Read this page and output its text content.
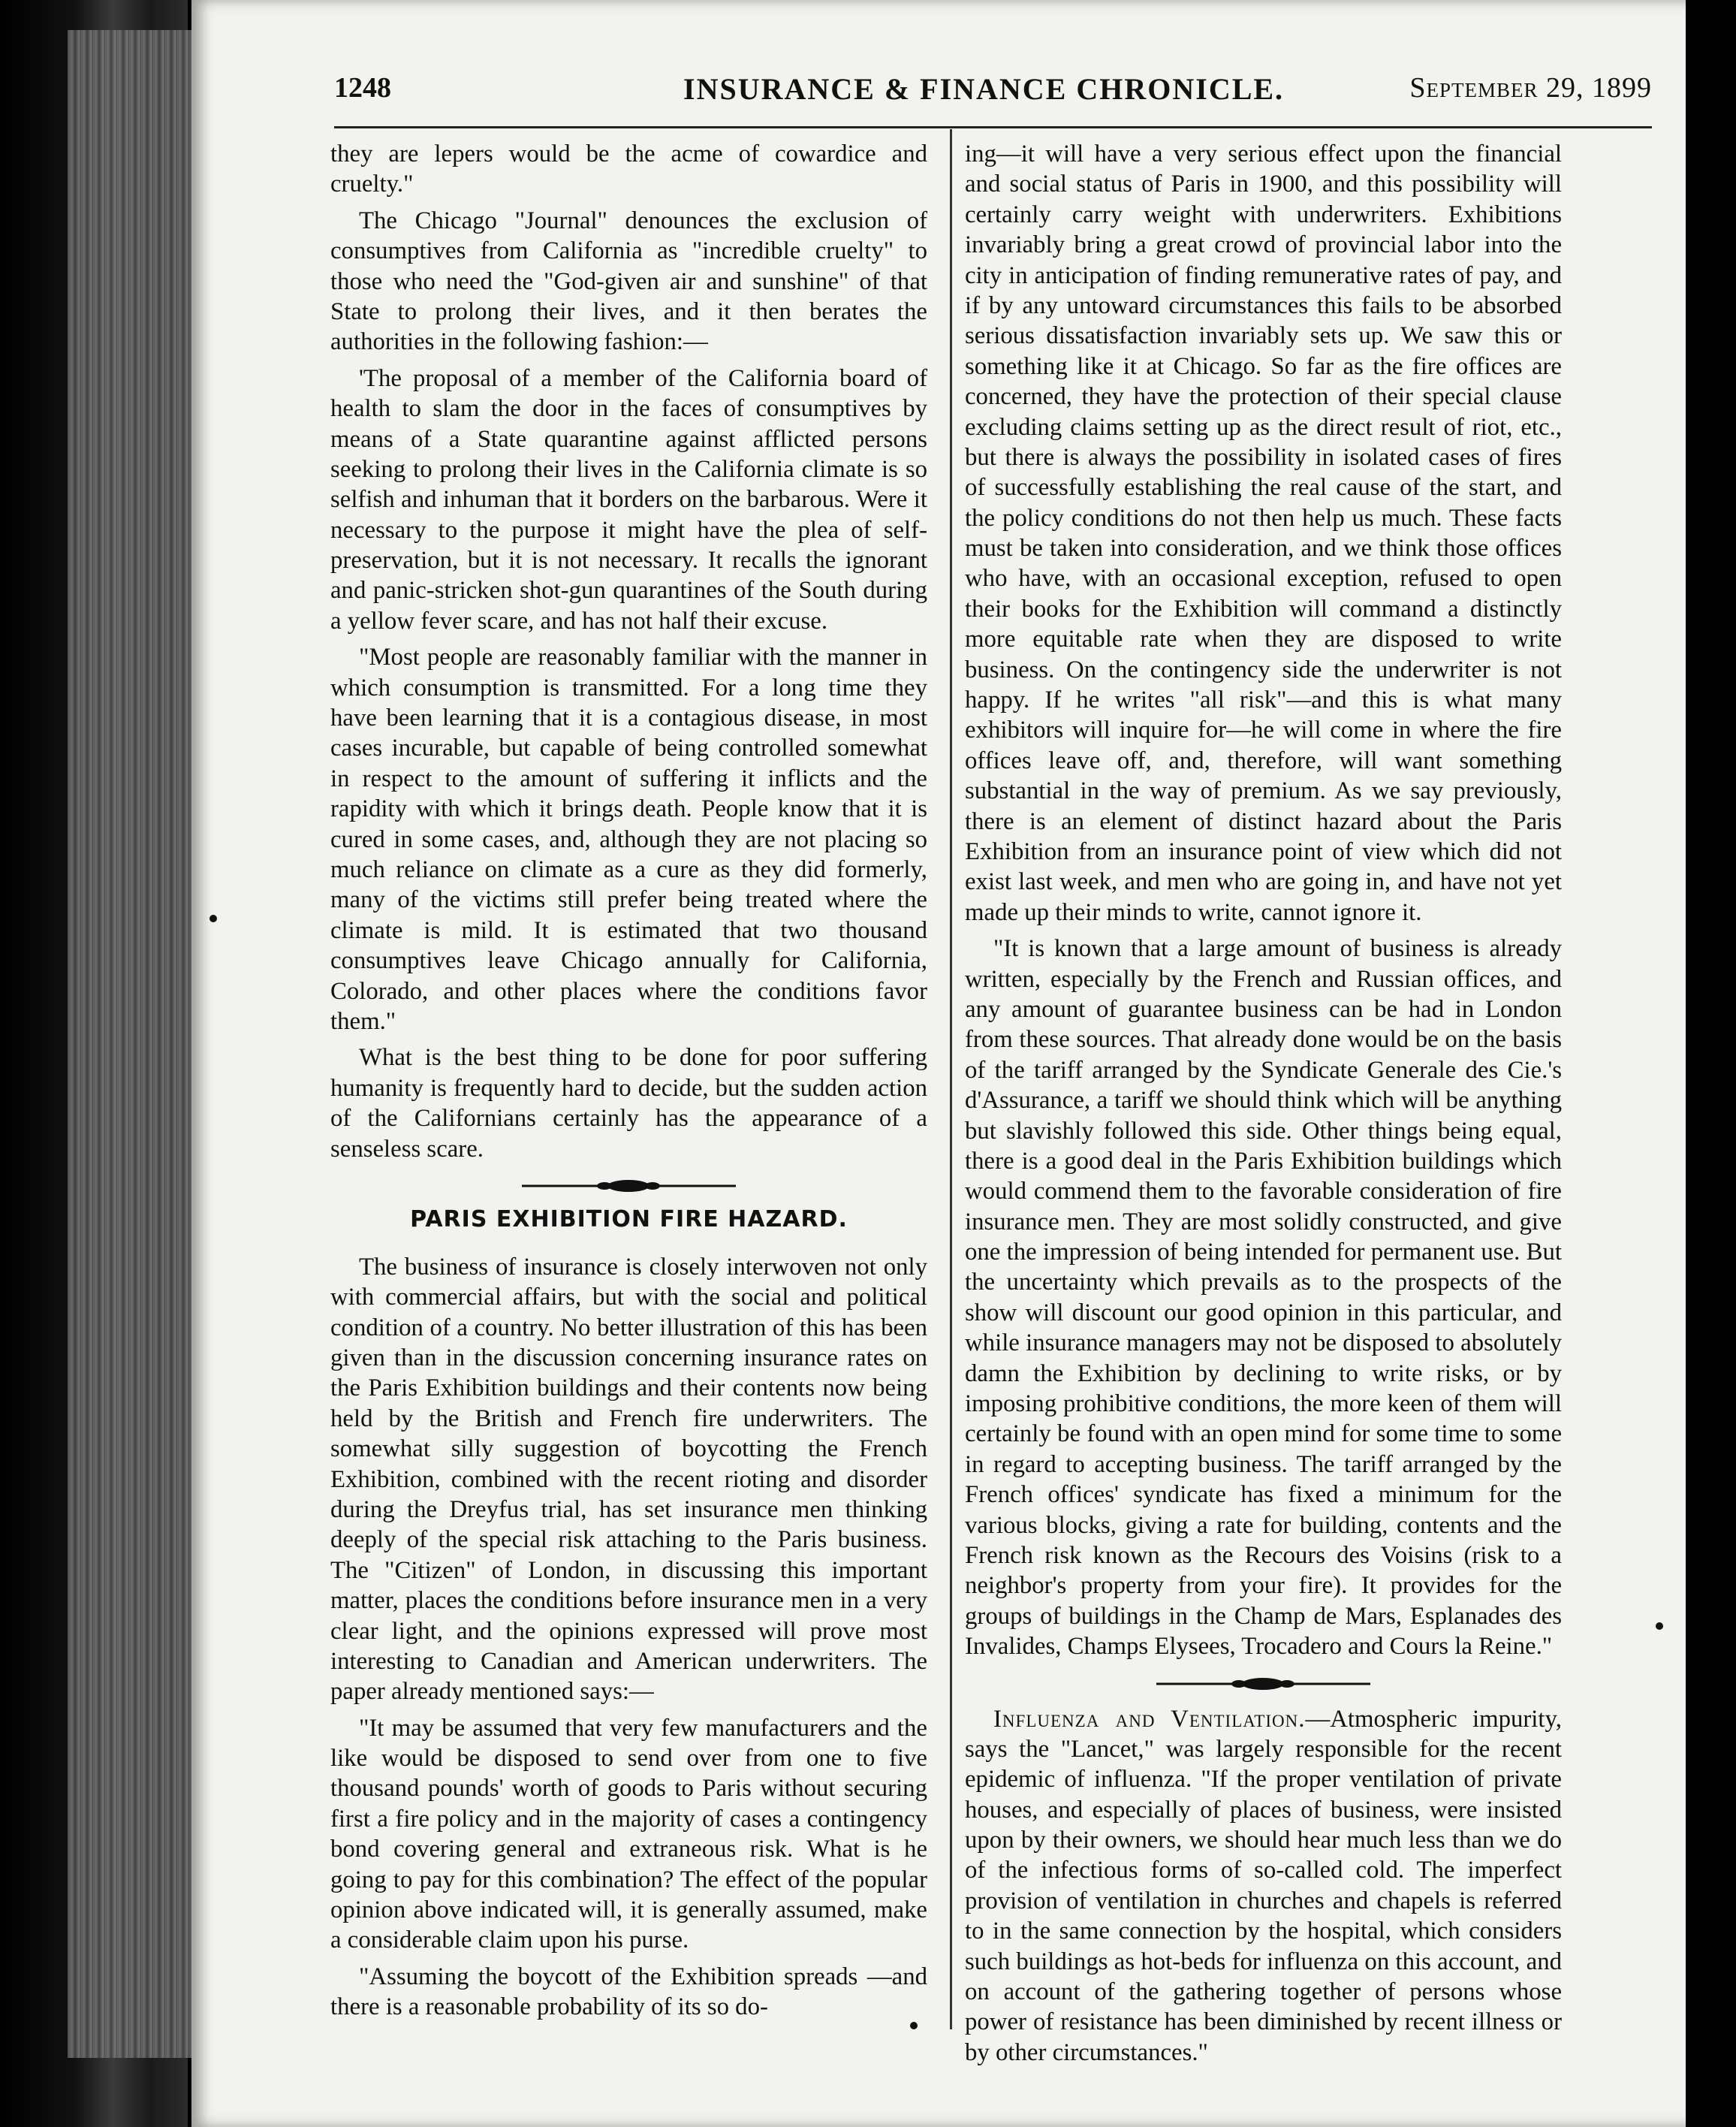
1248	INSURANCE & FINANCE CHRONICLE.	September 29, 1899

they are lepers would be the acme of cowardice and cruelty."

The Chicago "Journal" denounces the exclusion of consumptives from California as "incredible cruelty" to those who need the "God-given air and sunshine" of that State to prolong their lives, and it then berates the authorities in the following fashion:—

'The proposal of a member of the California board of health to slam the door in the faces of consumptives by means of a State quarantine against afflicted persons seeking to prolong their lives in the California climate is so selfish and inhuman that it borders on the barbarous. Were it necessary to the purpose it might have the plea of self-preservation, but it is not necessary. It recalls the ignorant and panic-stricken shot-gun quarantines of the South during a yellow fever scare, and has not half their excuse.

"Most people are reasonably familiar with the manner in which consumption is transmitted. For a long time they have been learning that it is a contagious disease, in most cases incurable, but capable of being controlled somewhat in respect to the amount of suffering it inflicts and the rapidity with which it brings death. People know that it is cured in some cases, and, although they are not placing so much reliance on climate as a cure as they did formerly, many of the victims still prefer being treated where the climate is mild. It is estimated that two thousand consumptives leave Chicago annually for California, Colorado, and other places where the conditions favor them."

What is the best thing to be done for poor suffering humanity is frequently hard to decide, but the sudden action of the Californians certainly has the appearance of a senseless scare.

PARIS EXHIBITION FIRE HAZARD.

The business of insurance is closely interwoven not only with commercial affairs, but with the social and political condition of a country. No better illustration of this has been given than in the discussion concerning insurance rates on the Paris Exhibition buildings and their contents now being held by the British and French fire underwriters. The somewhat silly suggestion of boycotting the French Exhibition, combined with the recent rioting and disorder during the Dreyfus trial, has set insurance men thinking deeply of the special risk attaching to the Paris business. The "Citizen" of London, in discussing this important matter, places the conditions before insurance men in a very clear light, and the opinions expressed will prove most interesting to Canadian and American underwriters. The paper already mentioned says:—

"It may be assumed that very few manufacturers and the like would be disposed to send over from one to five thousand pounds' worth of goods to Paris without securing first a fire policy and in the majority of cases a contingency bond covering general and extraneous risk. What is he going to pay for this combination? The effect of the popular opinion above indicated will, it is generally assumed, make a considerable claim upon his purse.

"Assuming the boycott of the Exhibition spreads —and there is a reasonable probability of its so do-

ing—it will have a very serious effect upon the financial and social status of Paris in 1900, and this possibility will certainly carry weight with underwriters. Exhibitions invariably bring a great crowd of provincial labor into the city in anticipation of finding remunerative rates of pay, and if by any untoward circumstances this fails to be absorbed serious dissatisfaction invariably sets up. We saw this or something like it at Chicago. So far as the fire offices are concerned, they have the protection of their special clause excluding claims setting up as the direct result of riot, etc., but there is always the possibility in isolated cases of fires of successfully establishing the real cause of the start, and the policy conditions do not then help us much. These facts must be taken into consideration, and we think those offices who have, with an occasional exception, refused to open their books for the Exhibition will command a distinctly more equitable rate when they are disposed to write business. On the contingency side the underwriter is not happy. If he writes "all risk"—and this is what many exhibitors will inquire for—he will come in where the fire offices leave off, and, therefore, will want something substantial in the way of premium. As we say previously, there is an element of distinct hazard about the Paris Exhibition from an insurance point of view which did not exist last week, and men who are going in, and have not yet made up their minds to write, cannot ignore it.

"It is known that a large amount of business is already written, especially by the French and Russian offices, and any amount of guarantee business can be had in London from these sources. That already done would be on the basis of the tariff arranged by the Syndicate Generale des Cie.'s d'Assurance, a tariff we should think which will be anything but slavishly followed this side. Other things being equal, there is a good deal in the Paris Exhibition buildings which would commend them to the favorable consideration of fire insurance men. They are most solidly constructed, and give one the impression of being intended for permanent use. But the uncertainty which prevails as to the prospects of the show will discount our good opinion in this particular, and while insurance managers may not be disposed to absolutely damn the Exhibition by declining to write risks, or by imposing prohibitive conditions, the more keen of them will certainly be found with an open mind for some time to some in regard to accepting business. The tariff arranged by the French offices' syndicate has fixed a minimum for the various blocks, giving a rate for building, contents and the French risk known as the Recours des Voisins (risk to a neighbor's property from your fire). It provides for the groups of buildings in the Champ de Mars, Esplanades des Invalides, Champs Elysees, Trocadero and Cours la Reine."

Influenza and Ventilation.—Atmospheric impurity, says the "Lancet," was largely responsible for the recent epidemic of influenza. "If the proper ventilation of private houses, and especially of places of business, were insisted upon by their owners, we should hear much less than we do of the infectious forms of so-called cold. The imperfect provision of ventilation in churches and chapels is referred to in the same connection by the hospital, which considers such buildings as hot-beds for influenza on this account, and on account of the gathering together of persons whose power of resistance has been diminished by recent illness or by other circumstances."
